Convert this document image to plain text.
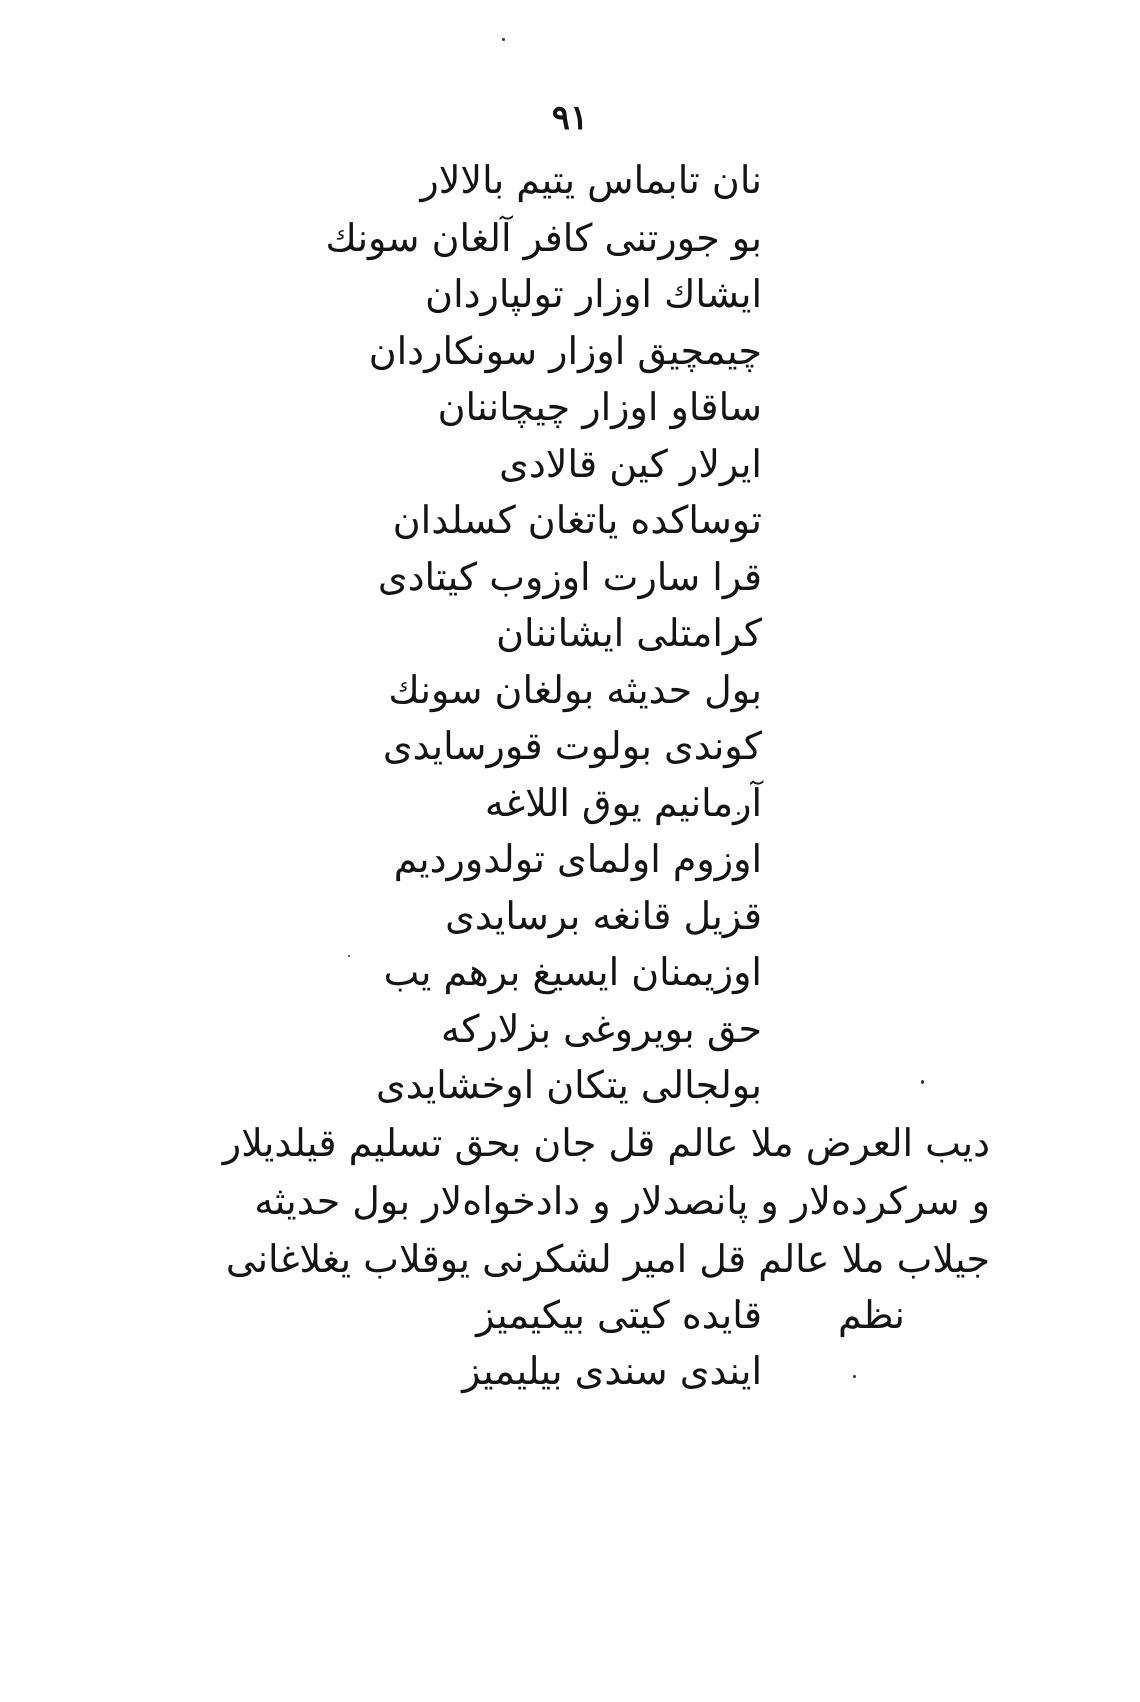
٩١
نان تابماس یتیم بالالار
بو جورتنی کافر آلغان سونك
ایشاك اوزار تولپاردان
چیمچیق اوزار سونکاردان
ساقاو اوزار چیچاننان
ایرلار کین قالادی
توساکده یاتغان کسلدان
قرا سارت اوزوب کیتادی
کرامتلی ایشاننان
بول حدیثه بولغان سونك
کوندی بولوت قورسایدی
آرمانیم یوق اللاغه
اوزوم اولمای تولدوردیم
قزیل قانغه برسایدی
اوزیمنان ایسیغ برهم یب
حق بویروغی بزلارکه
بولجالی یتکان اوخشایدی
دیب العرض ملا عالم قل جان بحق تسلیم قیلدیلار
و سرکرده‌لار و پانصدلار و دادخواه‌لار بول حدیثه
جیلاب ملا عالم قل امیر لشکرنی یوقلاب یغلاغانی
نظم
قایده کیتی بیکیمیز
ایندی سندی بیلیمیز
